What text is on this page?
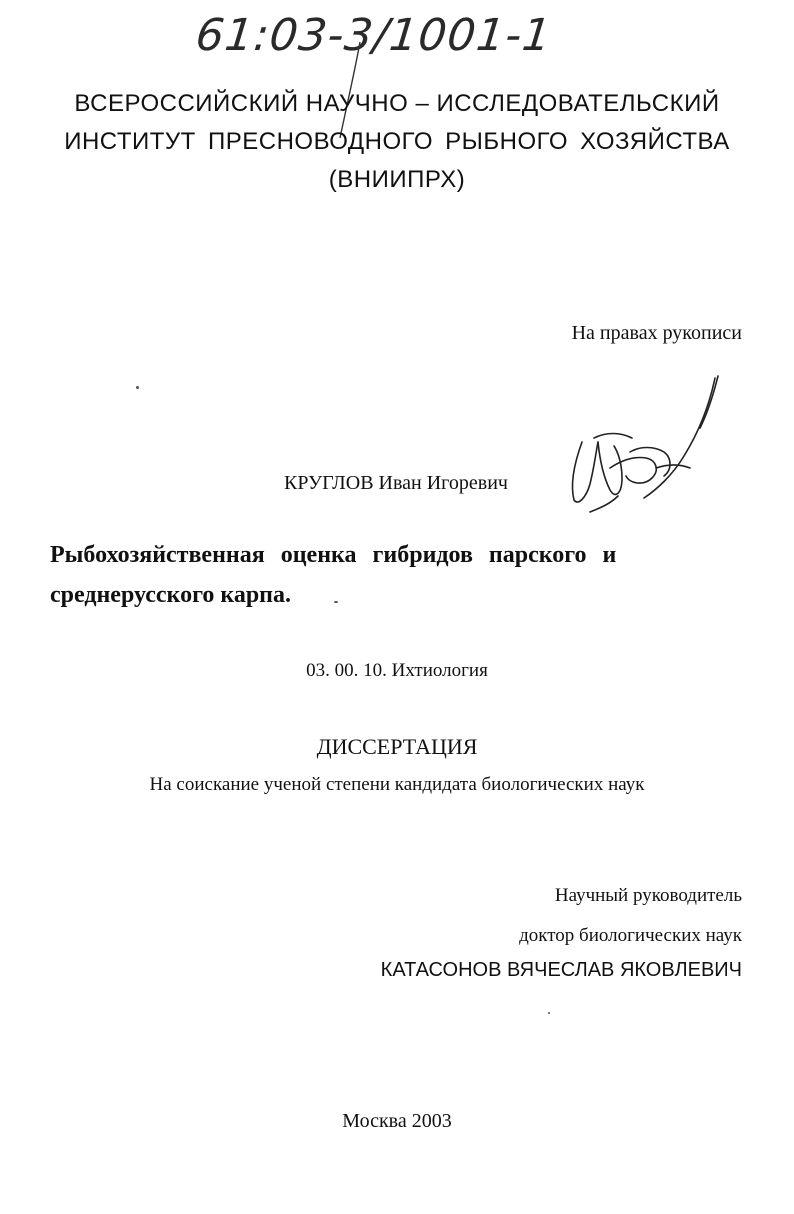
61:03-3/1001-1
ВСЕРОССИЙСКИЙ НАУЧНО – ИССЛЕДОВАТЕЛЬСКИЙ
ИНСТИТУТ ПРЕСНОВОДНОГО РЫБНОГО ХОЗЯЙСТВА
(ВНИИПРХ)
На правах рукописи
КРУГЛОВ Иван Игоревич
Рыбохозяйственная оценка гибридов парского и
среднерусского карпа.
03. 00. 10. Ихтиология
ДИССЕРТАЦИЯ
На соискание ученой степени кандидата биологических наук
Научный руководитель
доктор биологических наук
КАТАСОНОВ ВЯЧЕСЛАВ ЯКОВЛЕВИЧ
Москва 2003
